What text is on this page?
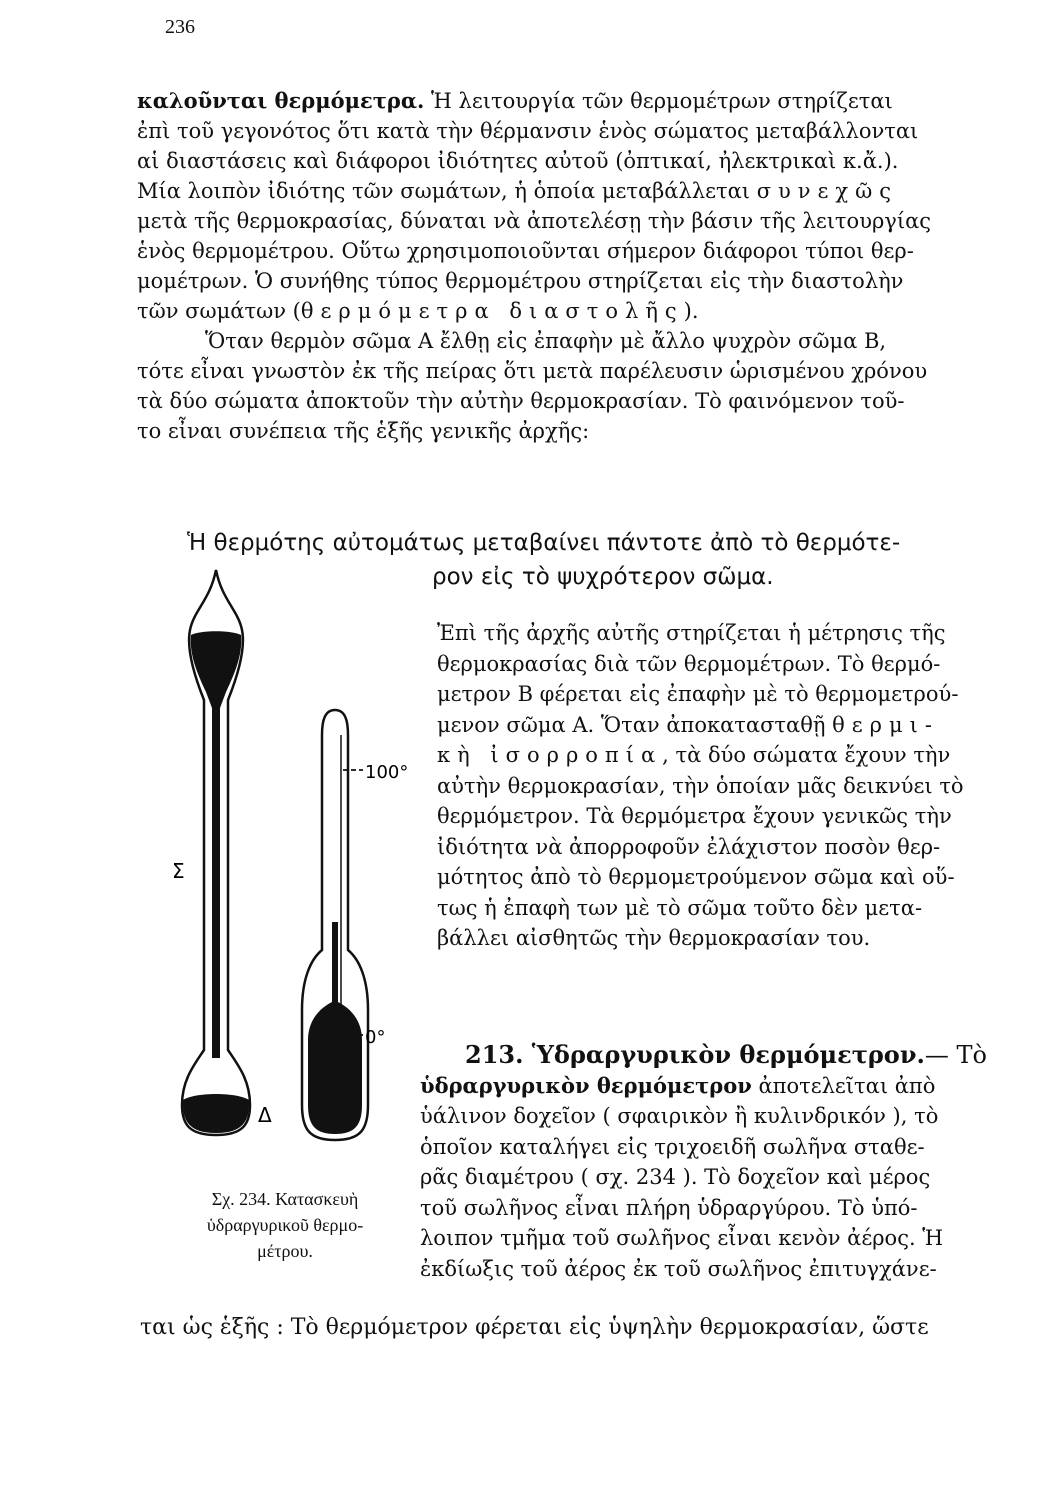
236
καλοῦνται θερμόμετρα. Ἡ λειτουργία τῶν θερμομέτρων στηρίζεται
ἐπὶ τοῦ γεγονότος ὅτι κατὰ τὴν θέρμανσιν ἑνὸς σώματος μεταβάλλονται
αἱ διαστάσεις καὶ διάφοροι ἰδιότητες αὐτοῦ (ὀπτικαί, ἠλεκτρικαὶ κ.ἄ.).
Μία λοιπὸν ἰδιότης τῶν σωμάτων, ἡ ὁποία μεταβάλλεται συνεχῶς
μετὰ τῆς θερμοκρασίας, δύναται νὰ ἀποτελέσῃ τὴν βάσιν τῆς λειτουργίας
ἑνὸς θερμομέτρου. Οὕτω χρησιμοποιοῦνται σήμερον διάφοροι τύποι θερ-
μομέτρων. Ὁ συνήθης τύπος θερμομέτρου στηρίζεται εἰς τὴν διαστολὴν
τῶν σωμάτων (θερμόμετρα διαστολῆς).
Ὅταν θερμὸν σῶμα Α ἔλθῃ εἰς ἐπαφὴν μὲ ἄλλο ψυχρὸν σῶμα Β,
τότε εἶναι γνωστὸν ἐκ τῆς πείρας ὅτι μετὰ παρέλευσιν ὡρισμένου χρόνου
τὰ δύο σώματα ἀποκτοῦν τὴν αὐτὴν θερμοκρασίαν. Τὸ φαινόμενον τοῦ-
το εἶναι συνέπεια τῆς ἑξῆς γενικῆς ἀρχῆς:
Ἡ θερμότης αὐτομάτως μεταβαίνει πάντοτε ἀπὸ τὸ θερμότε-
ρον εἰς τὸ ψυχρότερον σῶμα.
Ἐπὶ τῆς ἀρχῆς αὐτῆς στηρίζεται ἡ μέτρησις τῆς
θερμοκρασίας διὰ τῶν θερμομέτρων. Τὸ θερμό-
μετρον Β φέρεται εἰς ἐπαφὴν μὲ τὸ θερμομετρού-
μενον σῶμα Α. Ὅταν ἀποκατασταθῇ θερμι-
κὴ ἰσορροπία, τὰ δύο σώματα ἔχουν τὴν
αὐτὴν θερμοκρασίαν, τὴν ὁποίαν μᾶς δεικνύει τὸ
θερμόμετρον. Τὰ θερμόμετρα ἔχουν γενικῶς τὴν
ἰδιότητα νὰ ἀπορροφοῦν ἐλάχιστον ποσὸν θερ-
μότητος ἀπὸ τὸ θερμομετρούμενον σῶμα καὶ οὕ-
τως ἡ ἐπαφὴ των μὲ τὸ σῶμα τοῦτο δὲν μετα-
βάλλει αἰσθητῶς τὴν θερμοκρασίαν του.
213. Ὑδραργυρικὸν θερμόμετρον.— Τὸ
ὑδραργυρικὸν θερμόμετρον ἀποτελεῖται ἀπὸ
ὑάλινον δοχεῖον ( σφαιρικὸν ἢ κυλινδρικόν ), τὸ
ὁποῖον καταλήγει εἰς τριχοειδῆ σωλῆνα σταθε-
ρᾶς διαμέτρου ( σχ. 234 ). Τὸ δοχεῖον καὶ μέρος
τοῦ σωλῆνος εἶναι πλήρη ὑδραργύρου. Τὸ ὑπό-
λοιπον τμῆμα τοῦ σωλῆνος εἶναι κενὸν ἀέρος. Ἡ
ἐκδίωξις τοῦ ἀέρος ἐκ τοῦ σωλῆνος ἐπιτυγχάνε-
ται ὡς ἑξῆς : Τὸ θερμόμετρον φέρεται εἰς ὑψηλὴν θερμοκρασίαν, ὥστε
Σ
Δ
100°
0°
Σχ. 234. Κατασκευὴ
ὑδραργυρικοῦ θερμο-
μέτρου.
